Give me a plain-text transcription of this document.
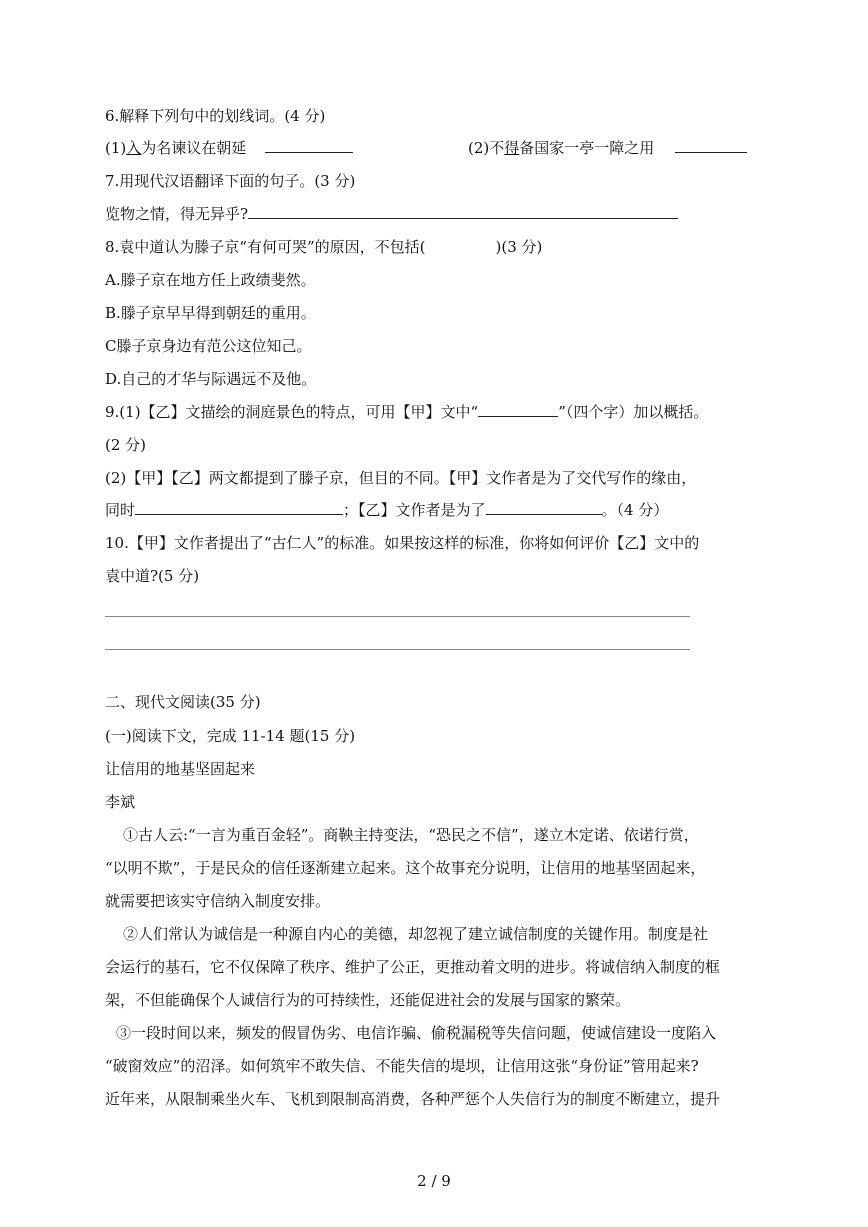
6.解释下列句中的划线词。(4 分)
(1)入为名谏议在朝延	(2)不得备国家一亭一障之用
7.用现代汉语翻译下面的句子。(3 分)
览物之情，得无异乎?
8.袁中道认为滕子京“有何可哭”的原因，不包括(	)(3 分)
A.滕子京在地方任上政绩斐然。
B.滕子京早早得到朝廷的重用。
C滕子京身边有范公这位知己。
D.自己的才华与际遇远不及他。
9.(1)【乙】文描绘的洞庭景色的特点，可用【甲】文中“	”（四个字）加以概括。
(2 分)
(2)【甲】【乙】两文都提到了滕子京，但目的不同。【甲】文作者是为了交代写作的缘由，
同时	；【乙】文作者是为了	。（4 分）
10.【甲】文作者提出了“古仁人”的标准。如果按这样的标准，你将如何评价【乙】文中的
袁中道?(5 分)
二、现代文阅读(35 分)
(一)阅读下文，完成 11-14 题(15 分)
让信用的地基坚固起来
李斌
①古人云:“一言为重百金轻”。商鞅主持变法，“恐民之不信”，遂立木定诺、依诺行赏，
“以明不欺”，于是民众的信任逐渐建立起来。这个故事充分说明，让信用的地基坚固起来，
就需要把该实守信纳入制度安排。
②人们常认为诚信是一种源自内心的美德，却忽视了建立诚信制度的关键作用。制度是社
会运行的基石，它不仅保障了秩序、维护了公正，更推动着文明的进步。将诚信纳入制度的框
架，不但能确保个人诚信行为的可持续性，还能促进社会的发展与国家的繁荣。
③一段时间以来，频发的假冒伪劣、电信诈骗、偷税漏税等失信问题，使诚信建设一度陷入
“破窗效应”的沼泽。如何筑牢不敢失信、不能失信的堤坝，让信用这张“身份证”管用起来?
近年来，从限制乘坐火车、飞机到限制高消费，各种严惩个人失信行为的制度不断建立，提升
2 / 9
